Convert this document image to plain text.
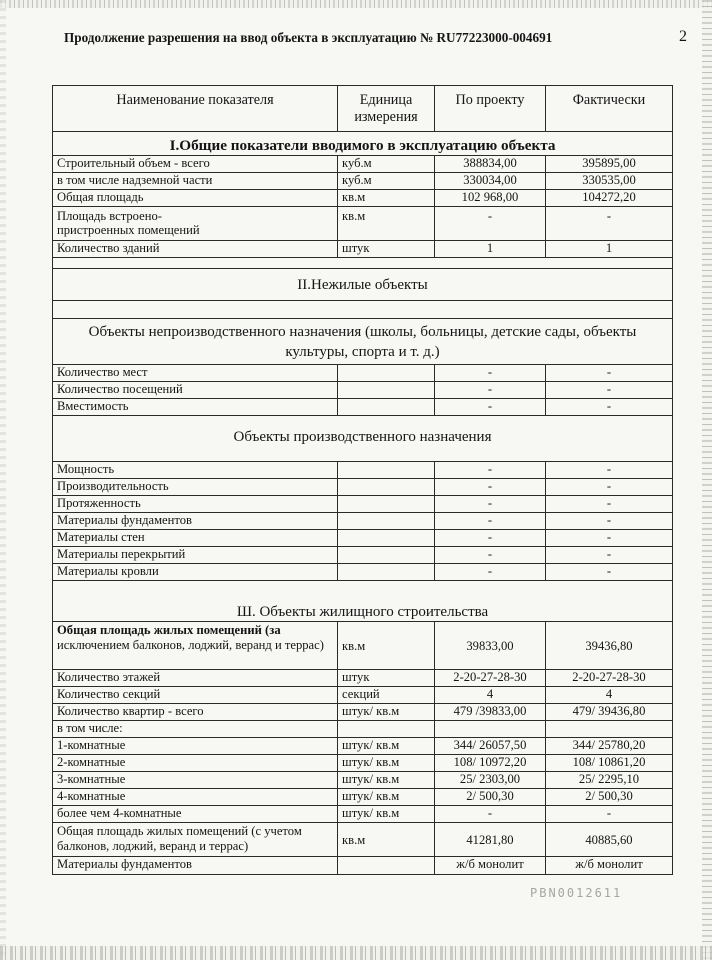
Продолжение разрешения на ввод объекта в эксплуатацию № RU77223000-004691	2
Наименование показателя	Единица измерения	По проекту	Фактически
I.Общие показатели вводимого в эксплуатацию объекта			
Строительный объем - всего	куб.м	388834,00	395895,00
в том числе надземной части	куб.м	330034,00	330535,00
Общая площадь	кв.м	102 968,00	104272,20
Площадь встроено-
пристроенных помещений	кв.м	-	-
Количество зданий	штук	1	1

II.Нежилые объекты			

Объекты непроизводственного назначения (школы, больницы, детские сады, объекты культуры, спорта и т. д.)			
Количество мест		-	-
Количество посещений		-	-
Вместимость		-	-
Объекты производственного назначения			
Мощность		-	-
Производительность		-	-
Протяженность		-	-
Материалы фундаментов		-	-
Материалы стен		-	-
Материалы перекрытий		-	-
Материалы кровли		-	-
Ш. Объекты жилищного строительства			
Общая площадь жилых помещений (за
исключением балконов, лоджий, веранд и террас)	кв.м	39833,00	39436,80
Количество этажей	штук	2-20-27-28-30	2-20-27-28-30
Количество секций	секций	4	4
Количество квартир - всего	штук/ кв.м	479 /39833,00	479/ 39436,80
в том числе:			
1-комнатные	штук/ кв.м	344/ 26057,50	344/ 25780,20
2-комнатные	штук/ кв.м	108/ 10972,20	108/ 10861,20
3-комнатные	штук/ кв.м	25/ 2303,00	25/ 2295,10
4-комнатные	штук/ кв.м	2/ 500,30	2/ 500,30
более чем 4-комнатные	штук/ кв.м	-	-
Общая площадь жилых помещений (с учетом балконов, лоджий, веранд и террас)	кв.м	41281,80	40885,60
Материалы фундаментов		ж/б монолит	ж/б монолит
РВN0012611
